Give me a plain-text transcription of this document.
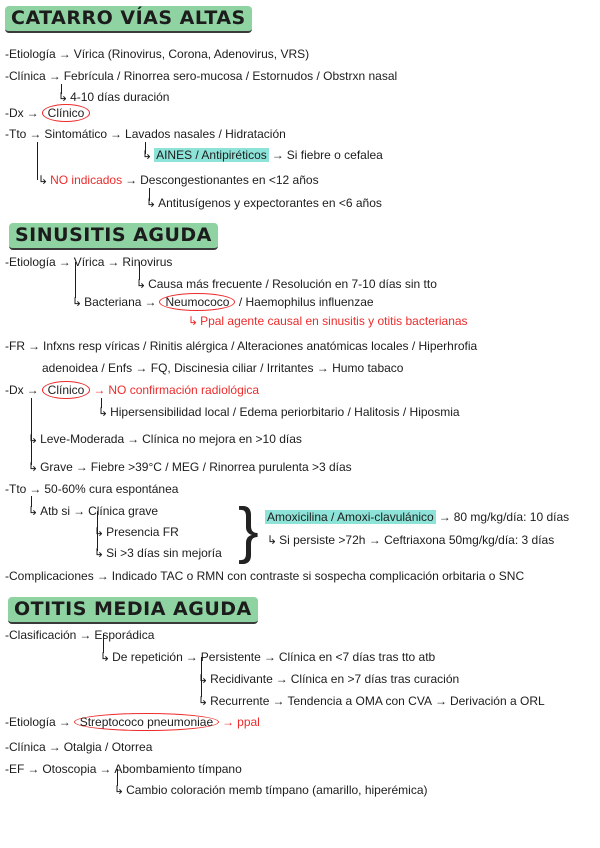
CATARRO VÍAS ALTAS
-Etiología → Vírica (Rinovirus, Corona, Adenovirus, VRS)
-Clínica → Febrícula / Rinorrea sero-mucosa / Estornudos / Obstrxn nasal
↳ 4-10 días duración
-Dx → Clínico
-Tto → Sintomático → Lavados nasales / Hidratación
↳ AINES / Antipiréticos → Si fiebre o cefalea
↳ NO indicados → Descongestionantes en <12 años
↳ Antitusígenos y expectorantes en <6 años
SINUSITIS AGUDA
-Etiología → Vírica → Rinovirus
↳ Causa más frecuente / Resolución en 7-10 días sin tto
↳ Bacteriana → Neumococo / Haemophilus influenzae
↳ Ppal agente causal en sinusitis y otitis bacterianas
-FR → Infxns resp víricas / Rinitis alérgica / Alteraciones anatómicas locales / Hiperhrofia
adenoidea / Enfs → FQ, Discinesia ciliar / Irritantes → Humo tabaco
-Dx → Clínico → NO confirmación radiológica
↳ Hipersensibilidad local / Edema periorbitario / Halitosis / Hiposmia
↳ Leve-Moderada → Clínica no mejora en >10 días
↳ Grave → Fiebre >39°C / MEG / Rinorrea purulenta >3 días
-Tto → 50-60% cura espontánea
↳ Atb si → Clínica grave
↳ Presencia FR
↳ Si >3 días sin mejoría } Amoxicilina / Amoxi-clavulánico → 80 mg/kg/día: 10 días
↳ Si persiste >72h → Ceftriaxona 50mg/kg/día: 3 días
-Complicaciones → Indicado TAC o RMN con contraste si sospecha complicación orbitaria o SNC
OTITIS MEDIA AGUDA
-Clasificación → Esporádica
↳ De repetición → Persistente → Clínica en <7 días tras tto atb
↳ Recidivante → Clínica en >7 días tras curación
↳ Recurrente → Tendencia a OMA con CVA → Derivación a ORL
-Etiología → Streptococo pneumoniae → ppal
-Clínica → Otalgia / Otorrea
-EF → Otoscopia → Abombamiento tímpano
↳ Cambio coloración memb tímpano (amarillo, hiperémica)
